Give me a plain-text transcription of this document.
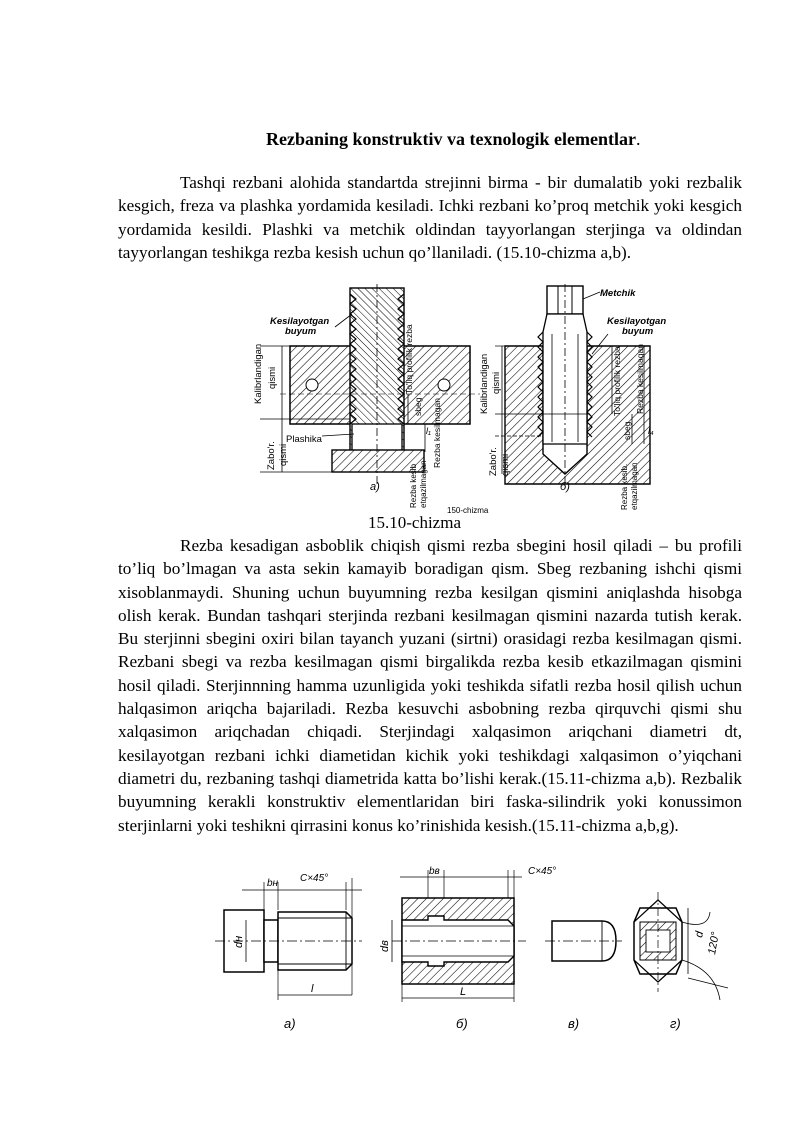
Rezbaning konstruktiv va texnologik elementlar.

Tashqi rezbani alohida standartda strejinni birma - bir dumalatib yoki rezbalik kesgich, freza va plashka yordamida kesiladi. Ichki rezbani ko’proq metchik yoki kesgich yordamida kesildi. Plashki va metchik oldindan tayyorlangan sterjinga va oldindan tayyorlangan teshikga rezba kesish uchun qo’llaniladi. (15.10-chizma a,b).

Kesilayotgan
buyum
Kalibrlandigan qismi
Plashika
Zabo'r. qismi
To'liq profilik rezba
sbeg Rezba kesilmagan
Rezba kesib etqazilmagan
l₁
a)
Metchik
Kesilayotgan
buyum
Kalibrlandigan qismi
Zabo'r. qismi
To'liq profilik rezba
sbeg
Rezba kesilmagan
Rezba kesib. etqazilmagan
l₄
б)
150-chizma
15.10-chizma

Rezba kesadigan asboblik chiqish qismi rezba sbegini hosil qiladi – bu profili to’liq bo’lmagan va asta sekin kamayib boradigan qism. Sbeg rezbaning ishchi qismi xisoblanmaydi. Shuning uchun buyumning rezba kesilgan qismini aniqlashda hisobga olish kerak. Bundan tashqari sterjinda rezbani kesilmagan qismini nazarda tutish kerak. Bu sterjinni sbegini oxiri bilan tayanch yuzani (sirtni) orasidagi rezba kesilmagan qismi. Rezbani sbegi va rezba kesilmagan qismi birgalikda rezba kesib etkazilmagan qismini hosil qiladi. Sterjinnning hamma uzunligida yoki teshikda sifatli rezba hosil qilish uchun halqasimon ariqcha bajariladi. Rezba kesuvchi asbobning rezba qirquvchi qismi shu xalqasimon ariqchadan chiqadi. Sterjindagi xalqasimon ariqchani diametri dt, kesilayotgan rezbani ichki diametidan kichik yoki teshikdagi xalqasimon o’yiqchani diametri du, rezbaning tashqi diametrida katta bo’lishi kerak.(15.11-chizma a,b). Rezbalik buyumning kerakli konstruktiv elementlaridan biri faska-silindrik yoki konussimon sterjinlarni yoki teshikni qirrasini konus ko’rinishida kesish.(15.11-chizma a,b,g).

bн C×45°
dн
l
a)
bв	C×45°
dв
L
б)	в)
d 120°
г)
